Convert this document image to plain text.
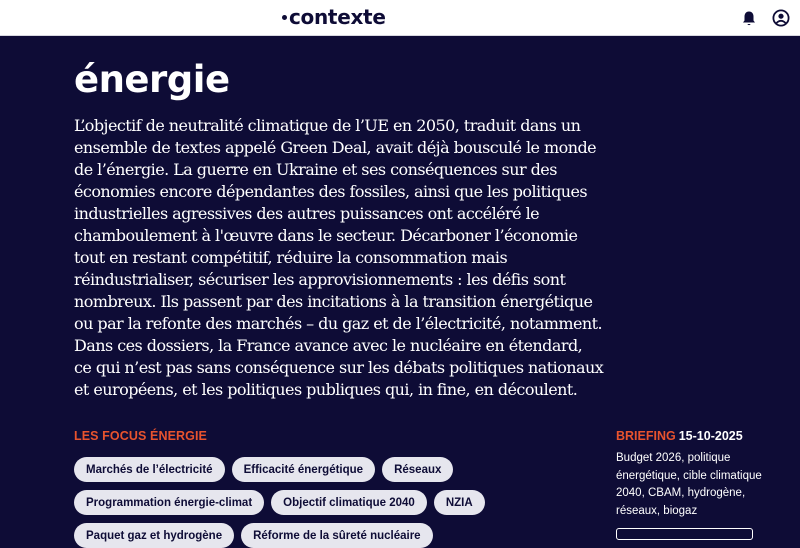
contexte
énergie

L’objectif de neutralité climatique de l’UE en 2050, traduit dans un ensemble de textes appelé Green Deal, avait déjà bousculé le monde de l’énergie. La guerre en Ukraine et ses conséquences sur des économies encore dépendantes des fossiles, ainsi que les politiques industrielles agressives des autres puissances ont accéléré le chamboulement à l'œuvre dans le secteur. Décarboner l’économie tout en restant compétitif, réduire la consommation mais réindustrialiser, sécuriser les approvisionnements : les défis sont nombreux. Ils passent par des incitations à la transition énergétique ou par la refonte des marchés – du gaz et de l’électricité, notamment. Dans ces dossiers, la France avance avec le nucléaire en étendard, ce qui n’est pas sans conséquence sur les débats politiques nationaux et européens, et les politiques publiques qui, in fine, en découlent.

LES FOCUS ÉNERGIE
Marchés de l’électricité	Efficacité énergétique	Réseaux
Programmation énergie-climat	Objectif climatique 2040	NZIA
Paquet gaz et hydrogène	Réforme de la sûreté nucléaire
BRIEFING 15-10-2025
Budget 2026, politique énergétique, cible climatique 2040, CBAM, hydrogène, réseaux, biogaz
